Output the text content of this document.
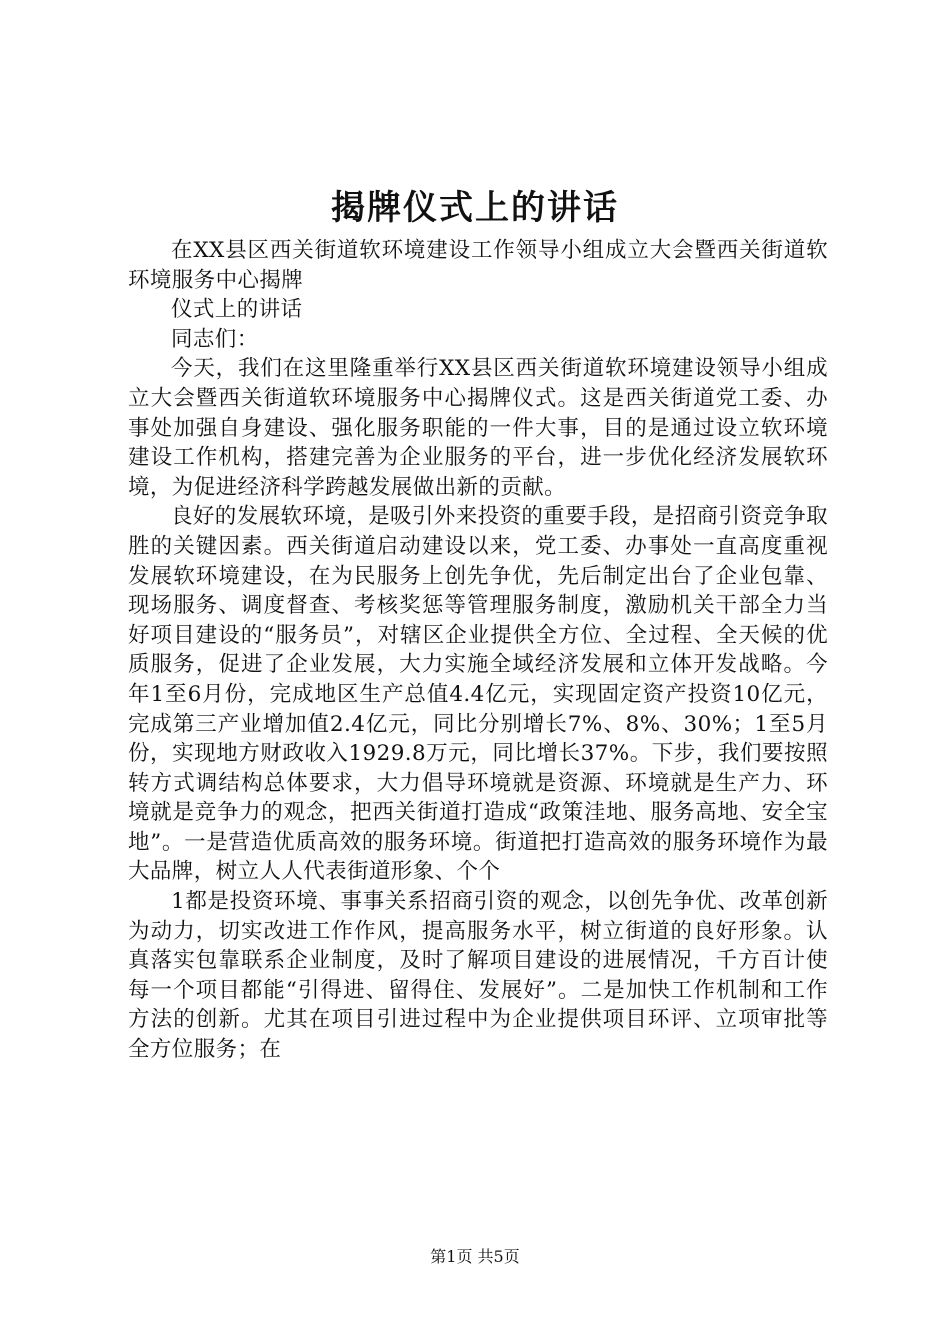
揭牌仪式上的讲话

在XX县区西关街道软环境建设工作领导小组成立大会暨西关街道软环境服务中心揭牌

仪式上的讲话

同志们：

今天，我们在这里隆重举行XX县区西关街道软环境建设领导小组成立大会暨西关街道软环境服务中心揭牌仪式。这是西关街道党工委、办事处加强自身建设、强化服务职能的一件大事，目的是通过设立软环境建设工作机构，搭建完善为企业服务的平台，进一步优化经济发展软环境，为促进经济科学跨越发展做出新的贡献。

良好的发展软环境，是吸引外来投资的重要手段，是招商引资竞争取胜的关键因素。西关街道启动建设以来，党工委、办事处一直高度重视发展软环境建设，在为民服务上创先争优，先后制定出台了企业包靠、现场服务、调度督查、考核奖惩等管理服务制度，激励机关干部全力当好项目建设的“服务员”，对辖区企业提供全方位、全过程、全天候的优质服务，促进了企业发展，大力实施全域经济发展和立体开发战略。今年1至6月份，完成地区生产总值4.4亿元，实现固定资产投资10亿元，完成第三产业增加值2.4亿元，同比分别增长7%、8%、30%；1至5月份，实现地方财政收入1929.8万元，同比增长37%。下步，我们要按照转方式调结构总体要求，大力倡导环境就是资源、环境就是生产力、环境就是竞争力的观念，把西关街道打造成“政策洼地、服务高地、安全宝地”。一是营造优质高效的服务环境。街道把打造高效的服务环境作为最大品牌，树立人人代表街道形象、个个

1都是投资环境、事事关系招商引资的观念，以创先争优、改革创新为动力，切实改进工作作风，提高服务水平，树立街道的良好形象。认真落实包靠联系企业制度，及时了解项目建设的进展情况，千方百计使每一个项目都能“引得进、留得住、发展好”。二是加快工作机制和工作方法的创新。尤其在项目引进过程中为企业提供项目环评、立项审批等全方位服务；在

第1页 共5页
